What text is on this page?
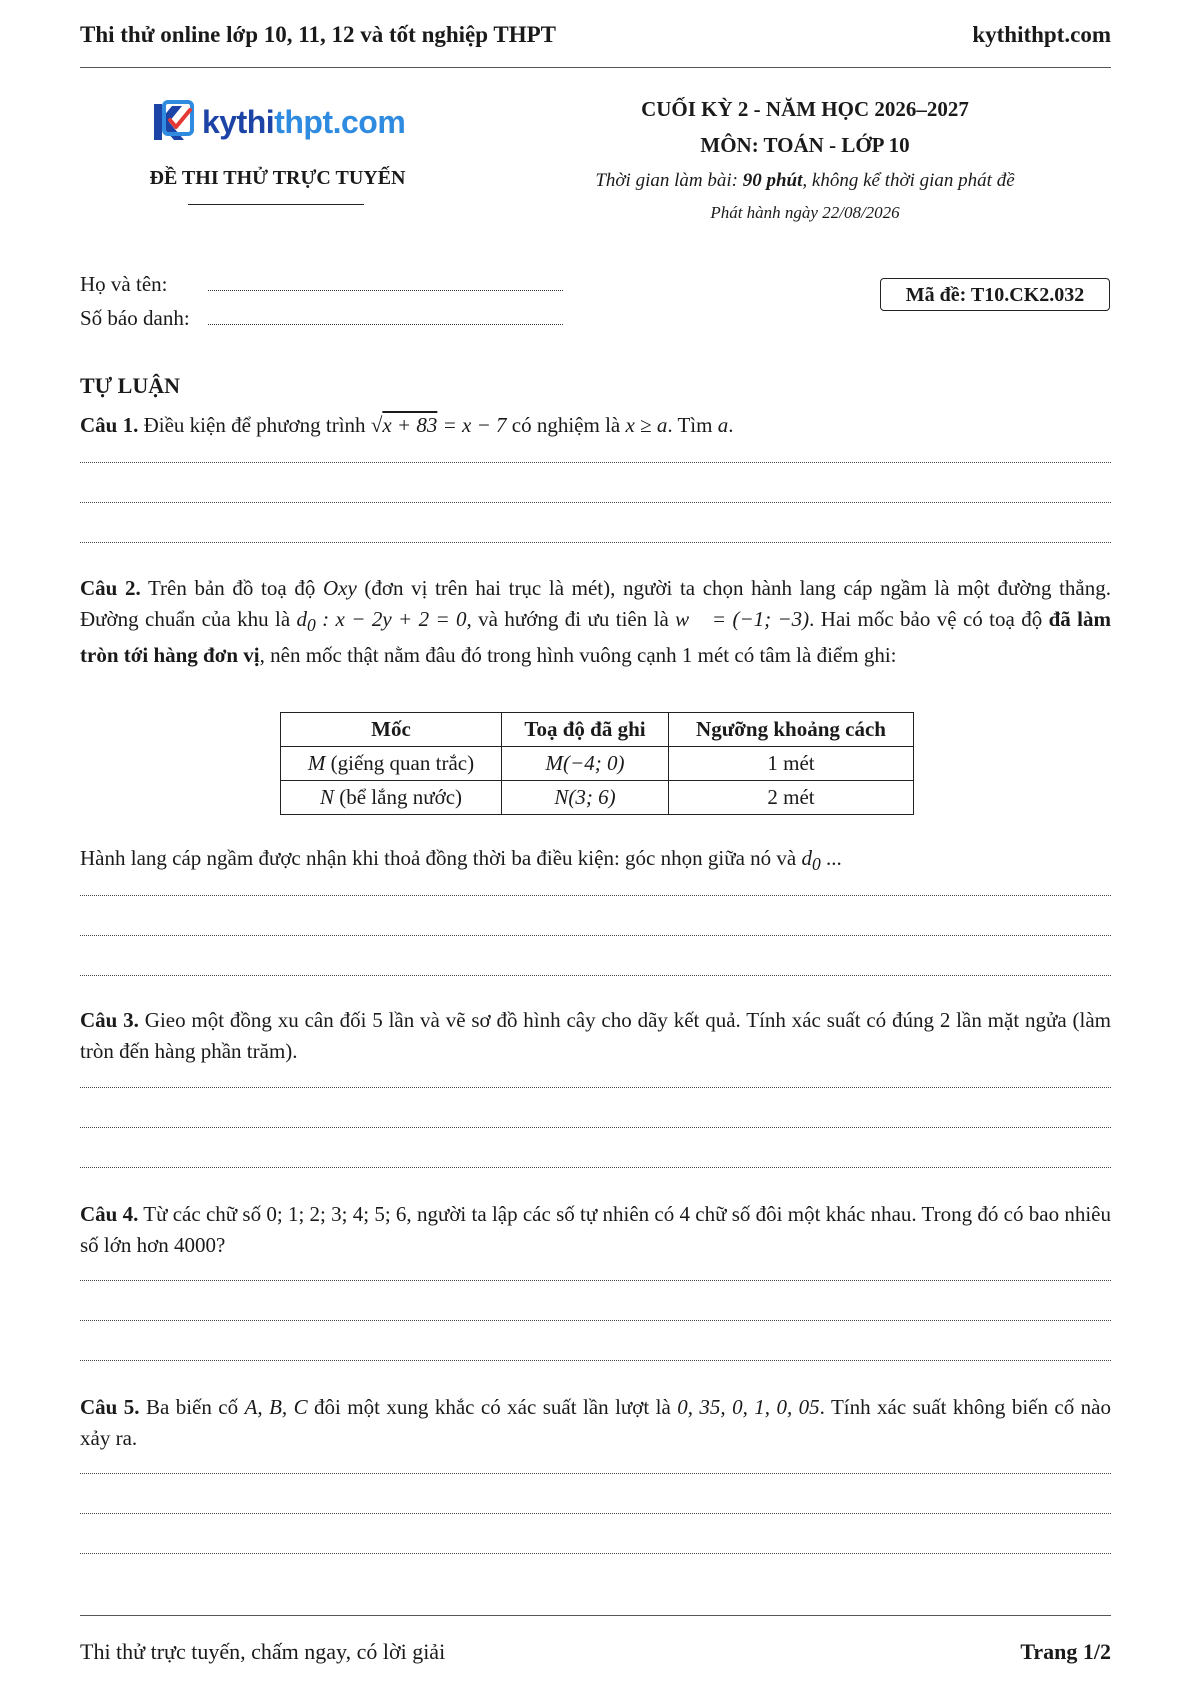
Thi thử online lớp 10, 11, 12 và tốt nghiệp THPT	kythithpt.com
kythithpt.com
ĐỀ THI THỬ TRỰC TUYẾN
CUỐI KỲ 2 - NĂM HỌC 2026–2027
MÔN: TOÁN - LỚP 10
Thời gian làm bài: 90 phút, không kể thời gian phát đề
Phát hành ngày 22/08/2026
Họ và tên:
Số báo danh:
Mã đề: T10.CK2.032
TỰ LUẬN
Câu 1. Điều kiện để phương trình √x + 83 = x − 7 có nghiệm là x ≥ a. Tìm a.
Câu 2. Trên bản đồ toạ độ Oxy (đơn vị trên hai trục là mét), người ta chọn hành lang cáp ngầm là một đường thẳng. Đường chuẩn của khu là $d_0$ : x − 2y + 2 = 0, và hướng đi ưu tiên là w⃗ = (−1; −3). Hai mốc bảo vệ có toạ độ đã làm tròn tới hàng đơn vị, nên mốc thật nằm đâu đó trong hình vuông cạnh 1 mét có tâm là điểm ghi:
Mốc	Toạ độ đã ghi	Ngưỡng khoảng cách
M (giếng quan trắc)	M(−4; 0)	1 mét
N (bể lắng nước)	N(3; 6)	2 mét
Hành lang cáp ngầm được nhận khi thoả đồng thời ba điều kiện: góc nhọn giữa nó và $d_0$ ...
Câu 3. Gieo một đồng xu cân đối 5 lần và vẽ sơ đồ hình cây cho dãy kết quả. Tính xác suất có đúng 2 lần mặt ngửa (làm tròn đến hàng phần trăm).
Câu 4. Từ các chữ số 0; 1; 2; 3; 4; 5; 6, người ta lập các số tự nhiên có 4 chữ số đôi một khác nhau. Trong đó có bao nhiêu số lớn hơn 4000?
Câu 5. Ba biến cố A, B, C đôi một xung khắc có xác suất lần lượt là 0, 35, 0, 1, 0, 05. Tính xác suất không biến cố nào xảy ra.
Thi thử trực tuyến, chấm ngay, có lời giải	Trang 1/2
